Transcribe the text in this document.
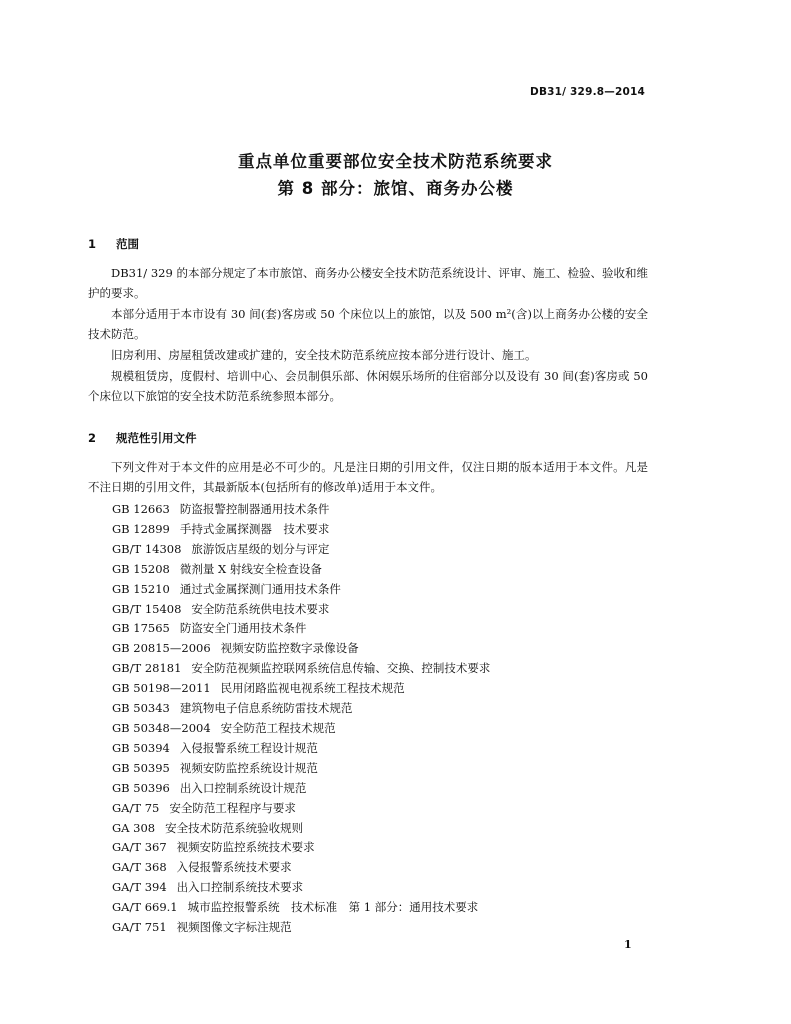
DB31/ 329.8—2014
重点单位重要部位安全技术防范系统要求
第 8 部分：旅馆、商务办公楼
1 范围
DB31/ 329 的本部分规定了本市旅馆、商务办公楼安全技术防范系统设计、评审、施工、检验、验收和维护的要求。
本部分适用于本市设有 30 间(套)客房或 50 个床位以上的旅馆，以及 500 m²(含)以上商务办公楼的安全技术防范。
旧房利用、房屋租赁改建或扩建的，安全技术防范系统应按本部分进行设计、施工。
规模租赁房，度假村、培训中心、会员制俱乐部、休闲娱乐场所的住宿部分以及设有 30 间(套)客房或 50 个床位以下旅馆的安全技术防范系统参照本部分。
2 规范性引用文件
下列文件对于本文件的应用是必不可少的。凡是注日期的引用文件，仅注日期的版本适用于本文件。凡是不注日期的引用文件，其最新版本(包括所有的修改单)适用于本文件。
GB 12663 防盗报警控制器通用技术条件
GB 12899 手持式金属探测器　技术要求
GB/T 14308 旅游饭店星级的划分与评定
GB 15208 微剂量 X 射线安全检查设备
GB 15210 通过式金属探测门通用技术条件
GB/T 15408 安全防范系统供电技术要求
GB 17565 防盗安全门通用技术条件
GB 20815—2006 视频安防监控数字录像设备
GB/T 28181 安全防范视频监控联网系统信息传输、交换、控制技术要求
GB 50198—2011 民用闭路监视电视系统工程技术规范
GB 50343 建筑物电子信息系统防雷技术规范
GB 50348—2004 安全防范工程技术规范
GB 50394 入侵报警系统工程设计规范
GB 50395 视频安防监控系统设计规范
GB 50396 出入口控制系统设计规范
GA/T 75 安全防范工程程序与要求
GA 308 安全技术防范系统验收规则
GA/T 367 视频安防监控系统技术要求
GA/T 368 入侵报警系统技术要求
GA/T 394 出入口控制系统技术要求
GA/T 669.1 城市监控报警系统　技术标准　第 1 部分：通用技术要求
GA/T 751 视频图像文字标注规范
1
